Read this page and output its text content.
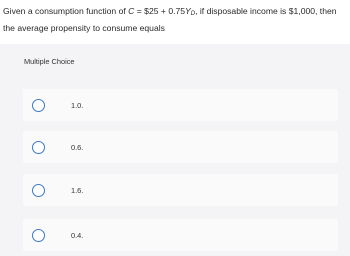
Given a consumption function of C = $25 + $0.75Y_D$, if disposable income is $1,000, then the average propensity to consume equals
Multiple Choice
1.0.
0.6.
1.6.
0.4.
